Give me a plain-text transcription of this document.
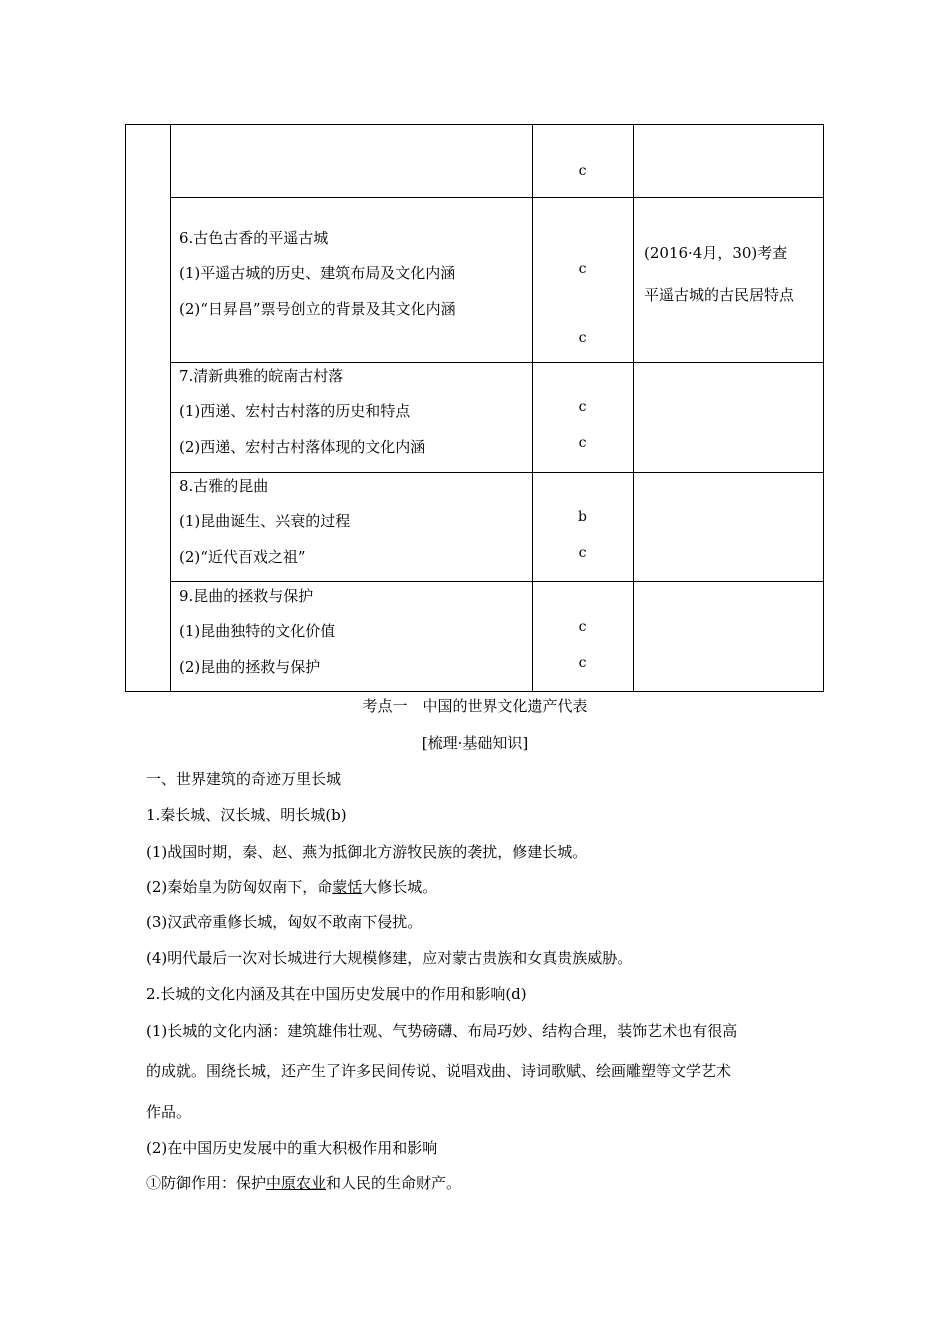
c
6.古色古香的平遥古城
(1)平遥古城的历史、建筑布局及文化内涵
(2)“日昇昌”票号创立的背景及其文化内涵
c
c
(2016·4月，30)考查
平遥古城的古民居特点
7.清新典雅的皖南古村落
(1)西递、宏村古村落的历史和特点
(2)西递、宏村古村落体现的文化内涵
c
c
8.古雅的昆曲
(1)昆曲诞生、兴衰的过程
(2)“近代百戏之祖”
b
c
9.昆曲的拯救与保护
(1)昆曲独特的文化价值
(2)昆曲的拯救与保护
c
c
考点一　中国的世界文化遗产代表
[梳理·基础知识]
一、世界建筑的奇迹万里长城
1.秦长城、汉长城、明长城(b)
(1)战国时期，秦、赵、燕为抵御北方游牧民族的袭扰，修建长城。
(2)秦始皇为防匈奴南下，命蒙恬大修长城。
(3)汉武帝重修长城，匈奴不敢南下侵扰。
(4)明代最后一次对长城进行大规模修建，应对蒙古贵族和女真贵族威胁。
2.长城的文化内涵及其在中国历史发展中的作用和影响(d)
(1)长城的文化内涵：建筑雄伟壮观、气势磅礴、布局巧妙、结构合理，装饰艺术也有很高
的成就。围绕长城，还产生了许多民间传说、说唱戏曲、诗词歌赋、绘画雕塑等文学艺术
作品。
(2)在中国历史发展中的重大积极作用和影响
①防御作用：保护中原农业和人民的生命财产。
